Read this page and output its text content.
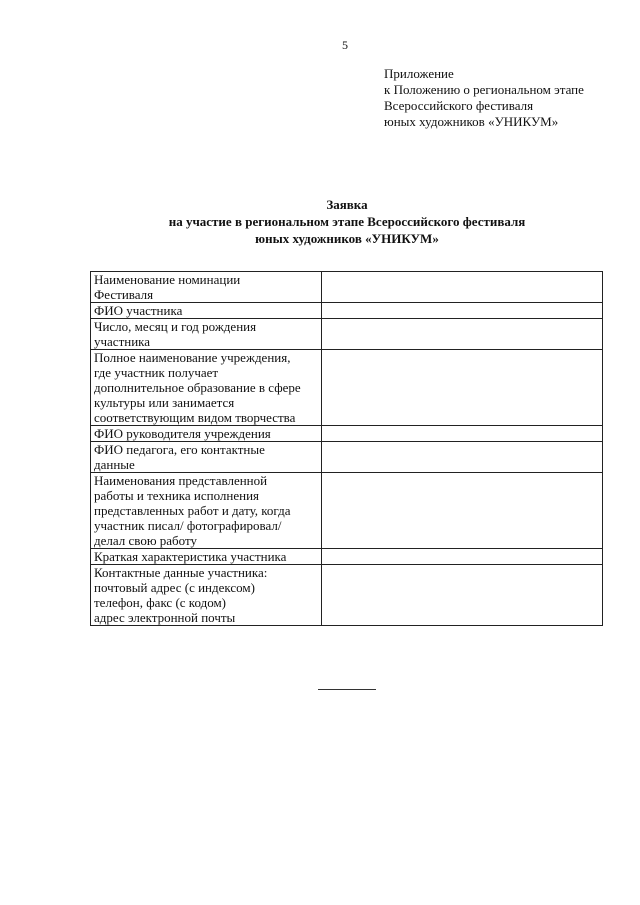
5
Приложение
к Положению о региональном этапе
Всероссийского фестиваля
юных художников «УНИКУМ»
Заявка
на участие в региональном этапе Всероссийского фестиваля
юных художников «УНИКУМ»
Наименование номинации
Фестиваля	

ФИО участника	

Число, месяц и год рождения
участника	

Полное наименование учреждения,
где участник получает
дополнительное образование в сфере
культуры или занимается
соответствующим видом творчества	

ФИО руководителя учреждения	

ФИО педагога, его контактные
данные	

Наименования представленной
работы и техника исполнения
представленных работ и дату, когда
участник писал/ фотографировал/
делал свою работу	

Краткая характеристика участника	

Контактные данные участника:
почтовый адрес (с индексом)
телефон, факс (с кодом)
адрес электронной почты	
